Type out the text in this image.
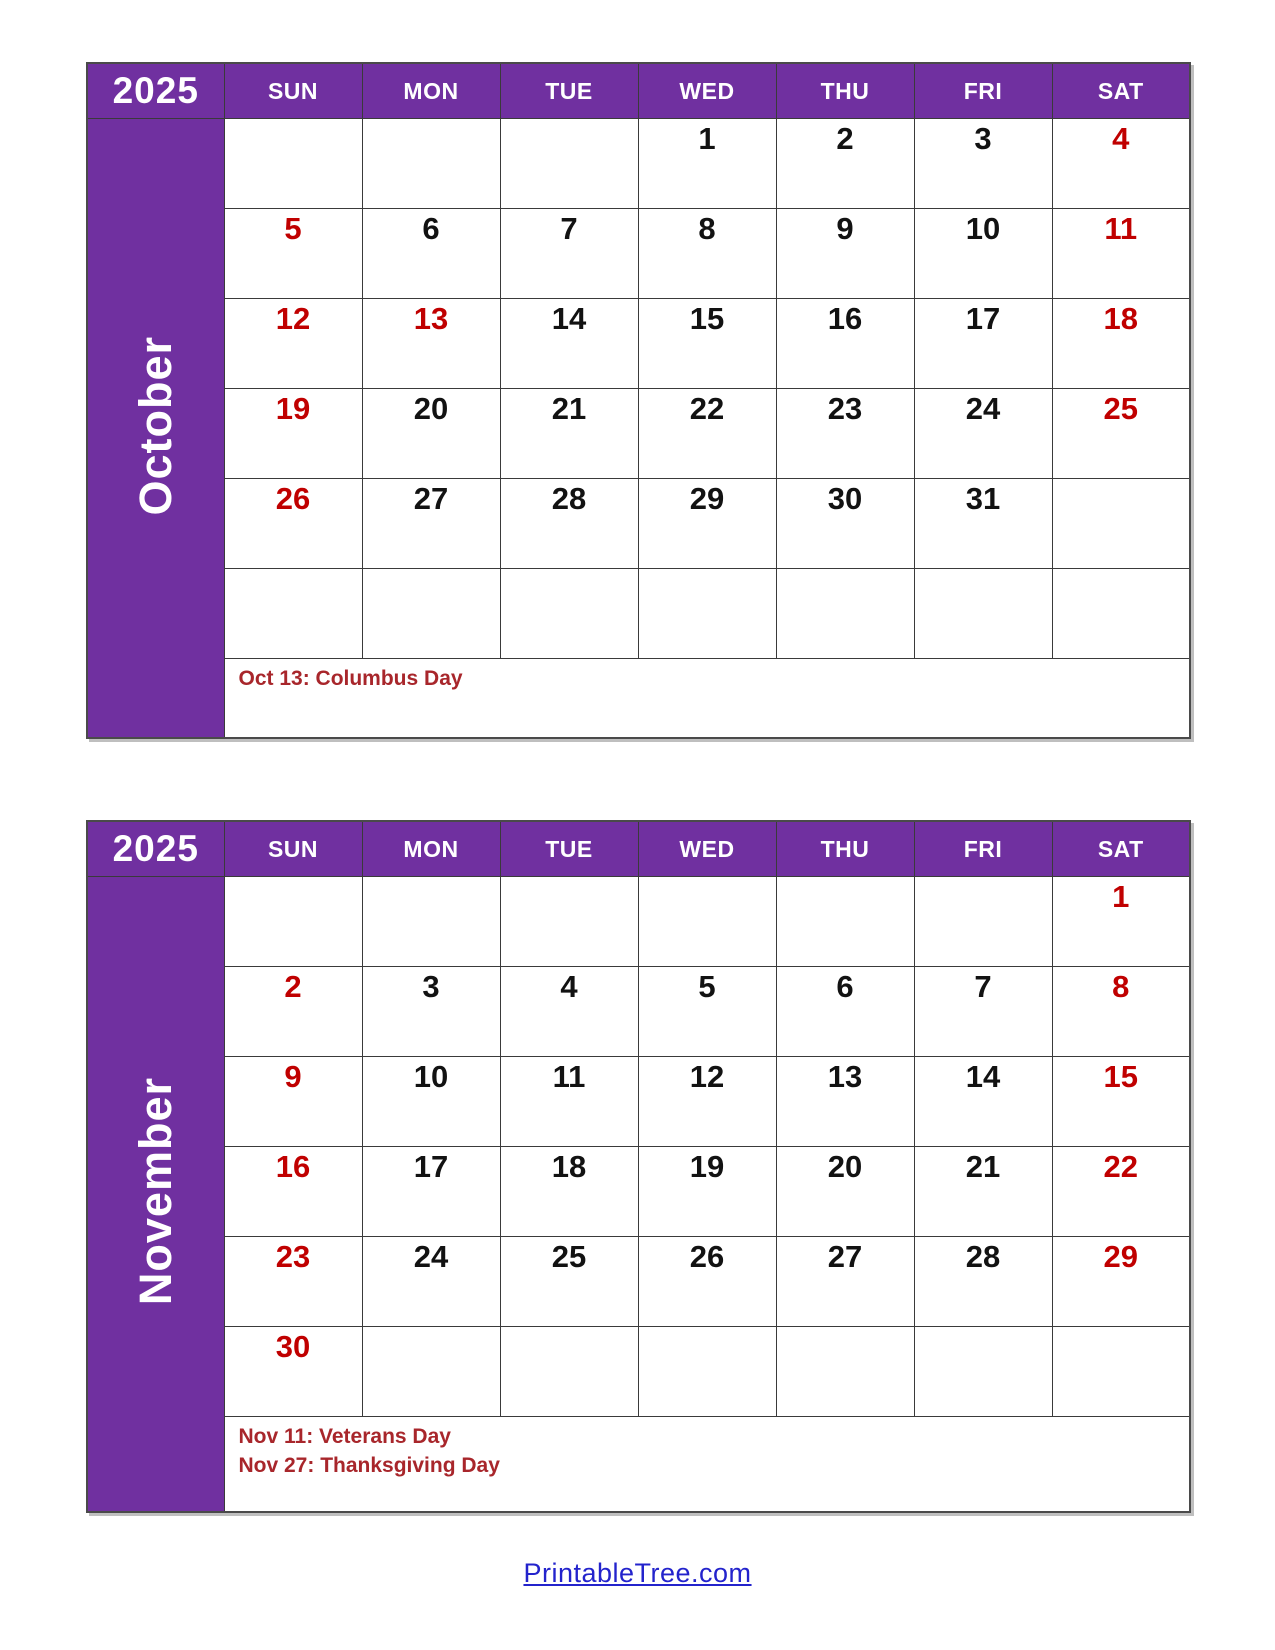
2025	SUN	MON	TUE	WED	THU	FRI	SAT
October				1	2	3	4
	5	6	7	8	9	10	11
	12	13	14	15	16	17	18
	19	20	21	22	23	24	25
	26	27	28	29	30	31	

	Oct 13: Columbus Day						
2025	SUN	MON	TUE	WED	THU	FRI	SAT
November							1
	2	3	4	5	6	7	8
	9	10	11	12	13	14	15
	16	17	18	19	20	21	22
	23	24	25	26	27	28	29
	30						

	Nov 11: Veterans Day
Nov 27: Thanksgiving Day						
PrintableTree.com
